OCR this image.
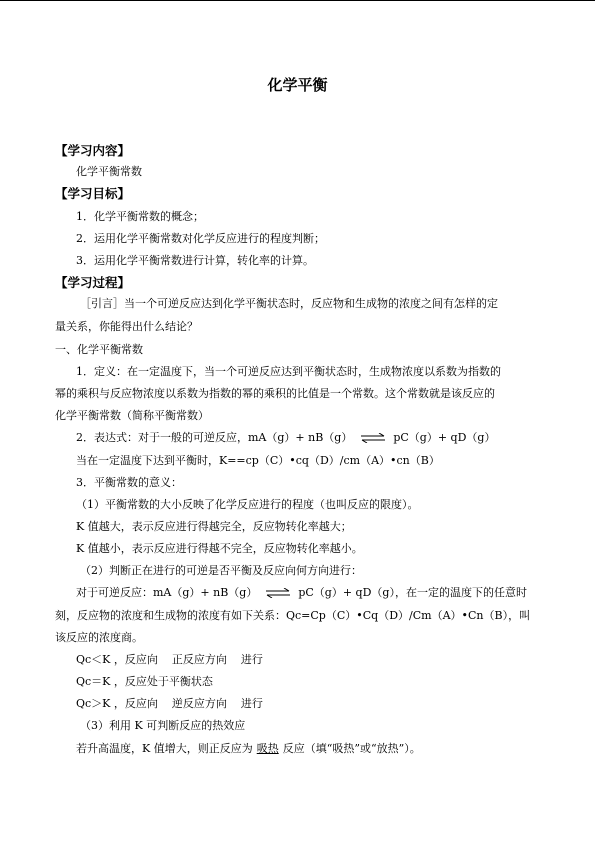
化学平衡
【学习内容】
化学平衡常数
【学习目标】
1．化学平衡常数的概念；
2．运用化学平衡常数对化学反应进行的程度判断；
3．运用化学平衡常数进行计算，转化率的计算。
【学习过程】
［引言］当一个可逆反应达到化学平衡状态时，反应物和生成物的浓度之间有怎样的定
量关系，你能得出什么结论？
一、化学平衡常数
1．定义：在一定温度下，当一个可逆反应达到平衡状态时，生成物浓度以系数为指数的
幂的乘积与反应物浓度以系数为指数的幂的乘积的比值是一个常数。这个常数就是该反应的
化学平衡常数（简称平衡常数）
2．表达式：对于一般的可逆反应，mA（g）+ nB（g） ⇌ pC（g）+ qD（g）
当在一定温度下达到平衡时，K==cp（C）•cq（D）/cm（A）•cn（B）
3．平衡常数的意义：
（1）平衡常数的大小反映了化学反应进行的程度（也叫反应的限度）。
K 值越大，表示反应进行得越完全，反应物转化率越大；
K 值越小，表示反应进行得越不完全，反应物转化率越小。
（2）判断正在进行的可逆是否平衡及反应向何方向进行：
对于可逆反应：mA（g）+ nB（g） ⇌ pC（g）+ qD（g），在一定的温度下的任意时
刻，反应物的浓度和生成物的浓度有如下关系：Qc=Cp（C）•Cq（D）/Cm（A）•Cn（B），叫
该反应的浓度商。
Qc＜K ，反应向 正反应方向 进行
Qc＝K ，反应处于平衡状态
Qc＞K ，反应向 逆反应方向 进行
（3）利用 K 可判断反应的热效应
若升高温度，K 值增大，则正反应为 吸热 反应（填“吸热”或“放热”）。
